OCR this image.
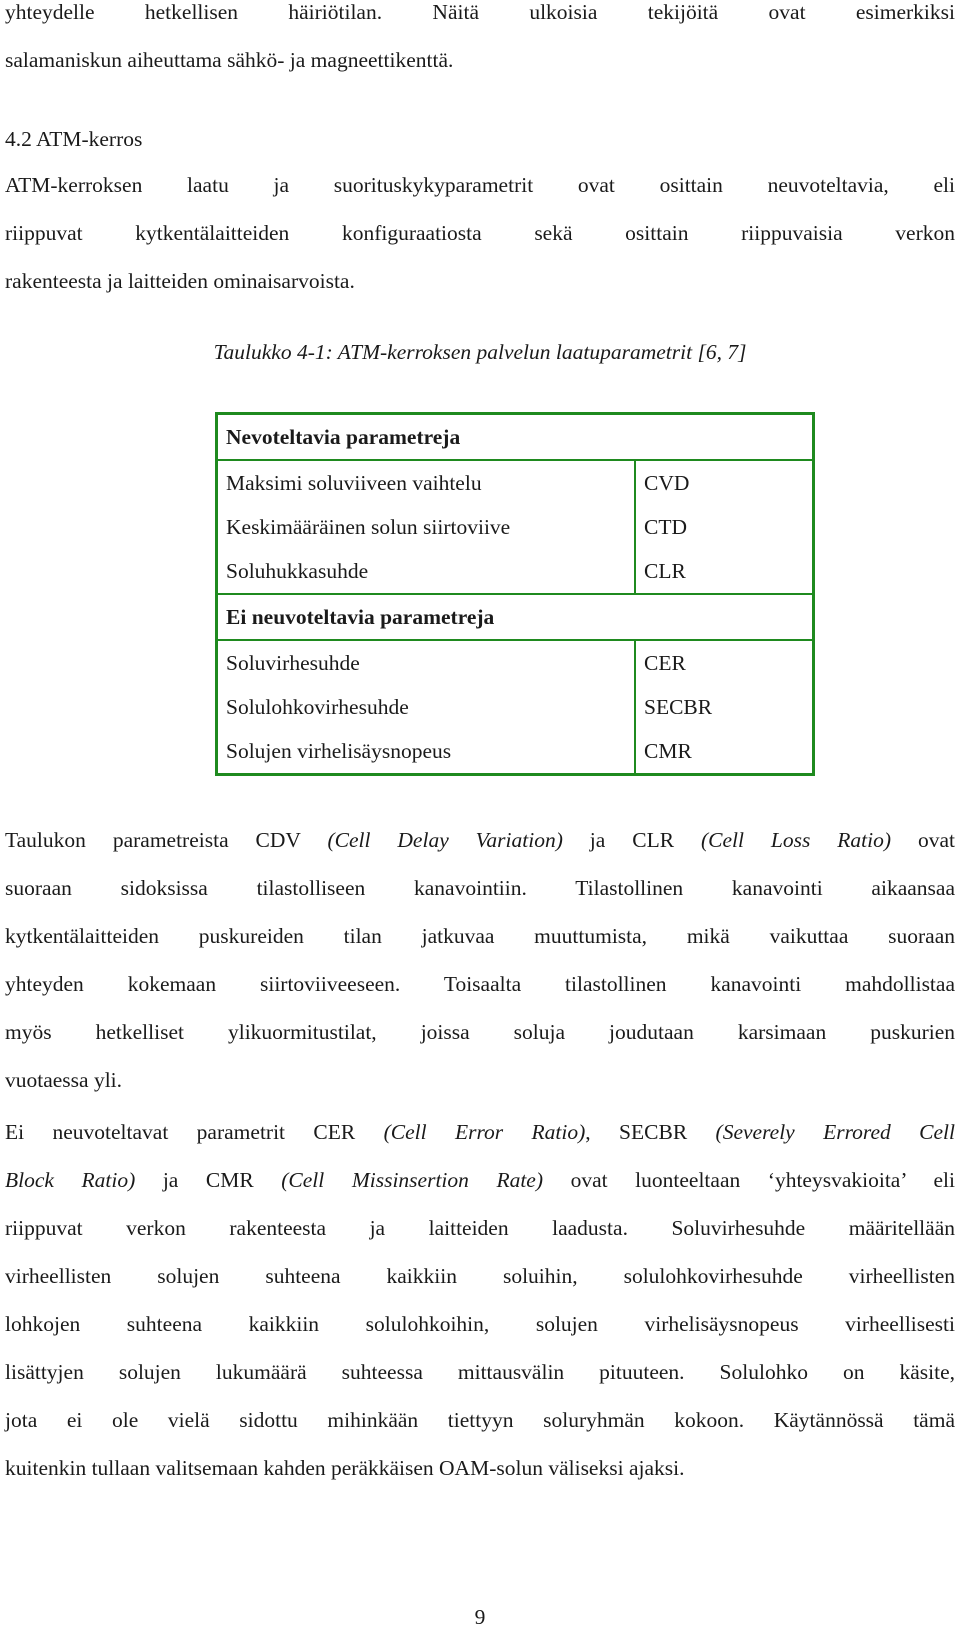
yhteydelle hetkellisen häiriötilan. Näitä ulkoisia tekijöitä ovat esimerkiksi
salamaniskun aiheuttama sähkö- ja magneettikenttä.
4.2 ATM-kerros
ATM-kerroksen laatu ja suorituskykyparametrit ovat osittain neuvoteltavia, eli
riippuvat kytkentälaitteiden konfiguraatiosta sekä osittain riippuvaisia verkon
rakenteesta ja laitteiden ominaisarvoista.
Taulukko 4-1: ATM-kerroksen palvelun laatuparametrit [6, 7]
Nevoteltavia parametreja	
Maksimi soluviiveen vaihtelu	CVD
Keskimääräinen solun siirtoviive	CTD
Soluhukkasuhde	CLR
Ei neuvoteltavia parametreja	
Soluvirhesuhde	CER
Solulohkovirhesuhde	SECBR
Solujen virhelisäysnopeus	CMR
Taulukon parametreista CDV (Cell Delay Variation) ja CLR (Cell Loss Ratio) ovat
suoraan sidoksissa tilastolliseen kanavointiin. Tilastollinen kanavointi aikaansaa
kytkentälaitteiden puskureiden tilan jatkuvaa muuttumista, mikä vaikuttaa suoraan
yhteyden kokemaan siirtoviiveeseen. Toisaalta tilastollinen kanavointi mahdollistaa
myös hetkelliset ylikuormitustilat, joissa soluja joudutaan karsimaan puskurien
vuotaessa yli.
Ei neuvoteltavat parametrit CER (Cell Error Ratio), SECBR (Severely Errored Cell
Block Ratio) ja CMR (Cell Missinsertion Rate) ovat luonteeltaan ‘yhteysvakioita’ eli
riippuvat verkon rakenteesta ja laitteiden laadusta. Soluvirhesuhde määritellään
virheellisten solujen suhteena kaikkiin soluihin, solulohkovirhesuhde virheellisten
lohkojen suhteena kaikkiin solulohkoihin, solujen virhelisäysnopeus virheellisesti
lisättyjen solujen lukumäärä suhteessa mittausvälin pituuteen. Solulohko on käsite,
jota ei ole vielä sidottu mihinkään tiettyyn soluryhmän kokoon. Käytännössä tämä
kuitenkin tullaan valitsemaan kahden peräkkäisen OAM-solun väliseksi ajaksi.
9
